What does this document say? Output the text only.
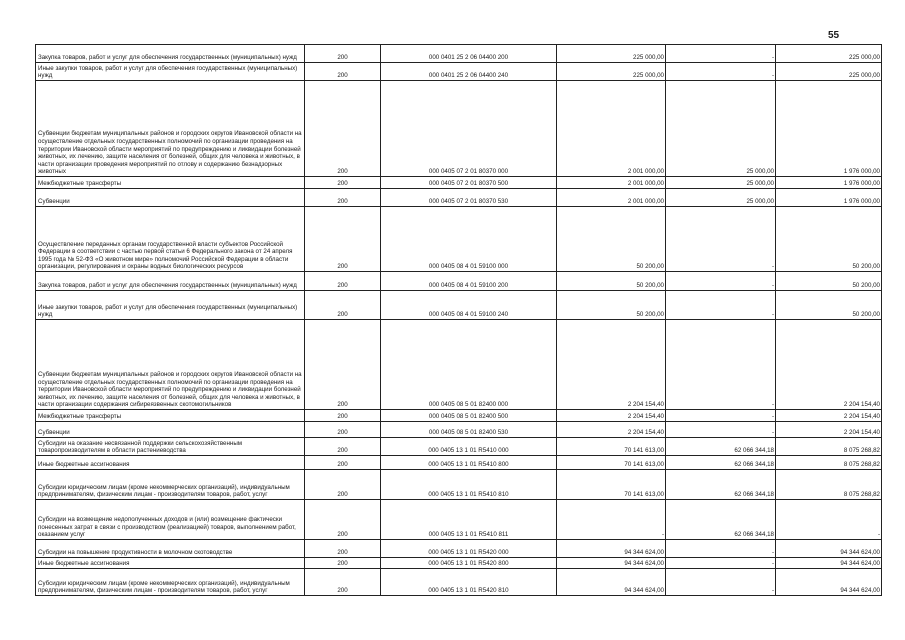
55
Закупка товаров, работ и услуг для обеспечения государственных (муниципальных) нужд	200	000 0401 25 2 06 04400 200	225 000,00	-	225 000,00
Иные закупки товаров, работ и услуг для обеспечения государственных (муниципальных) нужд	200	000 0401 25 2 06 04400 240	225 000,00	-	225 000,00
Субвенции бюджетам муниципальных районов и городских округов Ивановской области на осуществление отдельных государственных полномочий по организации проведения на территории Ивановской области мероприятий по предупреждению и ликвидации болезней животных, их лечению, защите населения от болезней, общих для человека и животных, в части организации проведения мероприятий по отлову и содержанию безнадзорных животных	200	000 0405 07 2 01 80370 000	2 001 000,00	25 000,00	1 976 000,00
Межбюджетные трансферты	200	000 0405 07 2 01 80370 500	2 001 000,00	25 000,00	1 976 000,00
Субвенции	200	000 0405 07 2 01 80370 530	2 001 000,00	25 000,00	1 976 000,00
Осуществление переданных органам государственной власти субъектов Российской Федерации в соответствии с частью первой статьи 6 Федерального закона от 24 апреля 1995 года № 52-ФЗ «О животном мире» полномочий Российской Федерации в области организации, регулирования и охраны водных биологических ресурсов	200	000 0405 08 4 01 59100 000	50 200,00	-	50 200,00
Закупка товаров, работ и услуг для обеспечения государственных (муниципальных) нужд	200	000 0405 08 4 01 59100 200	50 200,00	-	50 200,00
Иные закупки товаров, работ и услуг для обеспечения государственных (муниципальных) нужд	200	000 0405 08 4 01 59100 240	50 200,00	-	50 200,00
Субвенции бюджетам муниципальных районов и городских округов Ивановской области на осуществление отдельных государственных полномочий по организации проведения на территории Ивановской области мероприятий по предупреждению и ликвидации болезней животных, их лечению, защите населения от болезней, общих для человека и животных, в части организации содержания сибиреязвенных скотомогильников	200	000 0405 08 5 01 82400 000	2 204 154,40	-	2 204 154,40
Межбюджетные трансферты	200	000 0405 08 5 01 82400 500	2 204 154,40	-	2 204 154,40
Субвенции	200	000 0405 08 5 01 82400 530	2 204 154,40	-	2 204 154,40
Субсидии на оказание несвязанной поддержки сельскохозяйственным товаропроизводителям в области растениеводства	200	000 0405 13 1 01 R5410 000	70 141 613,00	62 066 344,18	8 075 268,82
Иные бюджетные ассигнования	200	000 0405 13 1 01 R5410 800	70 141 613,00	62 066 344,18	8 075 268,82
Субсидии юридическим лицам (кроме некоммерческих организаций), индивидуальным предпринимателям, физическим лицам - производителям товаров, работ, услуг	200	000 0405 13 1 01 R5410 810	70 141 613,00	62 066 344,18	8 075 268,82
Субсидии на возмещение недополученных доходов и (или) возмещение фактически понесенных затрат в связи с производством (реализацией) товаров, выполнением работ, оказанием услуг	200	000 0405 13 1 01 R5410 811	-	62 066 344,18	-
Субсидии на повышение продуктивности в молочном скотоводстве	200	000 0405 13 1 01 R5420 000	94 344 624,00	-	94 344 624,00
Иные бюджетные ассигнования	200	000 0405 13 1 01 R5420 800	94 344 624,00	-	94 344 624,00
Субсидии юридическим лицам (кроме некоммерческих организаций), индивидуальным предпринимателям, физическим лицам - производителям товаров, работ, услуг	200	000 0405 13 1 01 R5420 810	94 344 624,00	-	94 344 624,00
